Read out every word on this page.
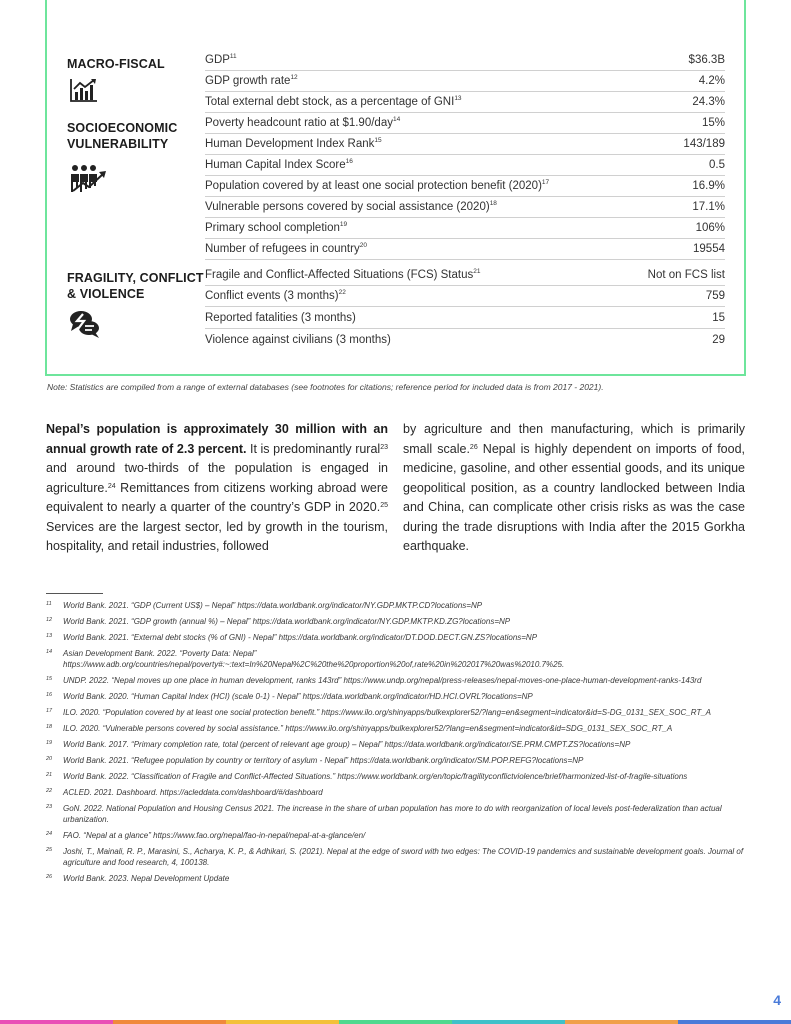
MACRO-FISCAL	GDP$^{11}$	$36.3B
GDP growth rate$^{12}$	4.2%
Total external debt stock, as a percentage of GNI$^{13}$	24.3%
SOCIOECONOMIC
VULNERABILITY
Poverty headcount ratio at $1.90/day$^{14}$	15%
Human Development Index Rank$^{15}$	143/189
Human Capital Index Score$^{16}$	0.5
Population covered by at least one social protection benefit $(2020)^{17}$	16.9%
Vulnerable persons covered by social assistance $(2020)^{18}$	17.1%
Primary school completion$^{19}$	106%
Number of refugees in country$^{20}$	19554
FRAGILITY, CONFLICT
& VIOLENCE
Fragile and Conflict-Affected Situations (FCS) Status$^{21}$	Not on FCS list
Conflict events (3 months)$^{22}$	759
Reported fatalities (3 months)	15
Violence against civilians (3 months)	29
Note: Statistics are compiled from a range of external databases (see footnotes for citations; reference period for included data is from 2017 - 2021).
Nepal’s population is approximately 30 million with an annual growth rate of 2.3 percent. It is predominantly rural$^{23}$ and around two-thirds of the population is engaged in agriculture.$^{24}$ Remittances from citizens working abroad were equivalent to nearly a quarter of the country’s GDP in 2020.25 Services are the largest sector, led by growth in the tourism, hospitality, and retail industries, followed
by agriculture and then manufacturing, which is primarily small scale.$^{26}$ Nepal is highly dependent on imports of food, medicine, gasoline, and other essential goods, and its unique geopolitical position, as a country landlocked between India and China, can complicate other crisis risks as was the case during the trade disruptions with India after the 2015 Gorkha earthquake.
11	World Bank. 2021. “GDP (Current US$) – Nepal” https://data.worldbank.org/indicator/NY.GDP.MKTP.CD?locations=NP
12	World Bank. 2021. “GDP growth (annual %) – Nepal” https://data.worldbank.org/indicator/NY.GDP.MKTP.KD.ZG?locations=NP
13	World Bank. 2021. “External debt stocks (% of GNI) - Nepal” https://data.worldbank.org/indicator/DT.DOD.DECT.GN.ZS?locations=NP
14	Asian Development Bank. 2022. “Poverty Data: Nepal” https://www.adb.org/countries/nepal/poverty#:~:text=In%20Nepal%2C%20the%20proportion%20of,rate%20in%202017%20was%2010.7%25.
15	UNDP. 2022. “Nepal moves up one place in human development, ranks 143rd” https://www.undp.org/nepal/press-releases/nepal-moves-one-place-human-development-ranks-143rd
16	World Bank. 2020. “Human Capital Index (HCI) (scale 0-1) - Nepal” https://data.worldbank.org/indicator/HD.HCI.OVRL?locations=NP
17	ILO. 2020. “Population covered by at least one social protection benefit.” https://www.ilo.org/shinyapps/bulkexplorer52/?lang=en&segment=indicator&id=S-DG_0131_SEX_SOC_RT_A
18	ILO. 2020. “Vulnerable persons covered by social assistance.” https://www.ilo.org/shinyapps/bulkexplorer52/?lang=en&segment=indicator&id=SDG_0131_SEX_SOC_RT_A
19	World Bank. 2017. “Primary completion rate, total (percent of relevant age group) – Nepal” https://data.worldbank.org/indicator/SE.PRM.CMPT.ZS?locations=NP
20	World Bank. 2021. “Refugee population by country or territory of asylum - Nepal” https://data.worldbank.org/indicator/SM.POP.REFG?locations=NP
21	World Bank. 2022. “Classification of Fragile and Conflict-Affected Situations.” https://www.worldbank.org/en/topic/fragilityconflictviolence/brief/harmonized-list-of-fragile-situations
22	ACLED. 2021. Dashboard. https://acleddata.com/dashboard/#/dashboard
23	GoN. 2022. National Population and Housing Census 2021. The increase in the share of urban population has more to do with reorganization of local levels post-federalization than actual urbanization.
24	FAO. “Nepal at a glance” https://www.fao.org/nepal/fao-in-nepal/nepal-at-a-glance/en/
25	Joshi, T., Mainali, R. P., Marasini, S., Acharya, K. P., & Adhikari, S. (2021). Nepal at the edge of sword with two edges: The COVID-19 pandemics and sustainable development goals. Journal of agriculture and food research, 4, 100138.
26	World Bank. 2023. Nepal Development Update
4
